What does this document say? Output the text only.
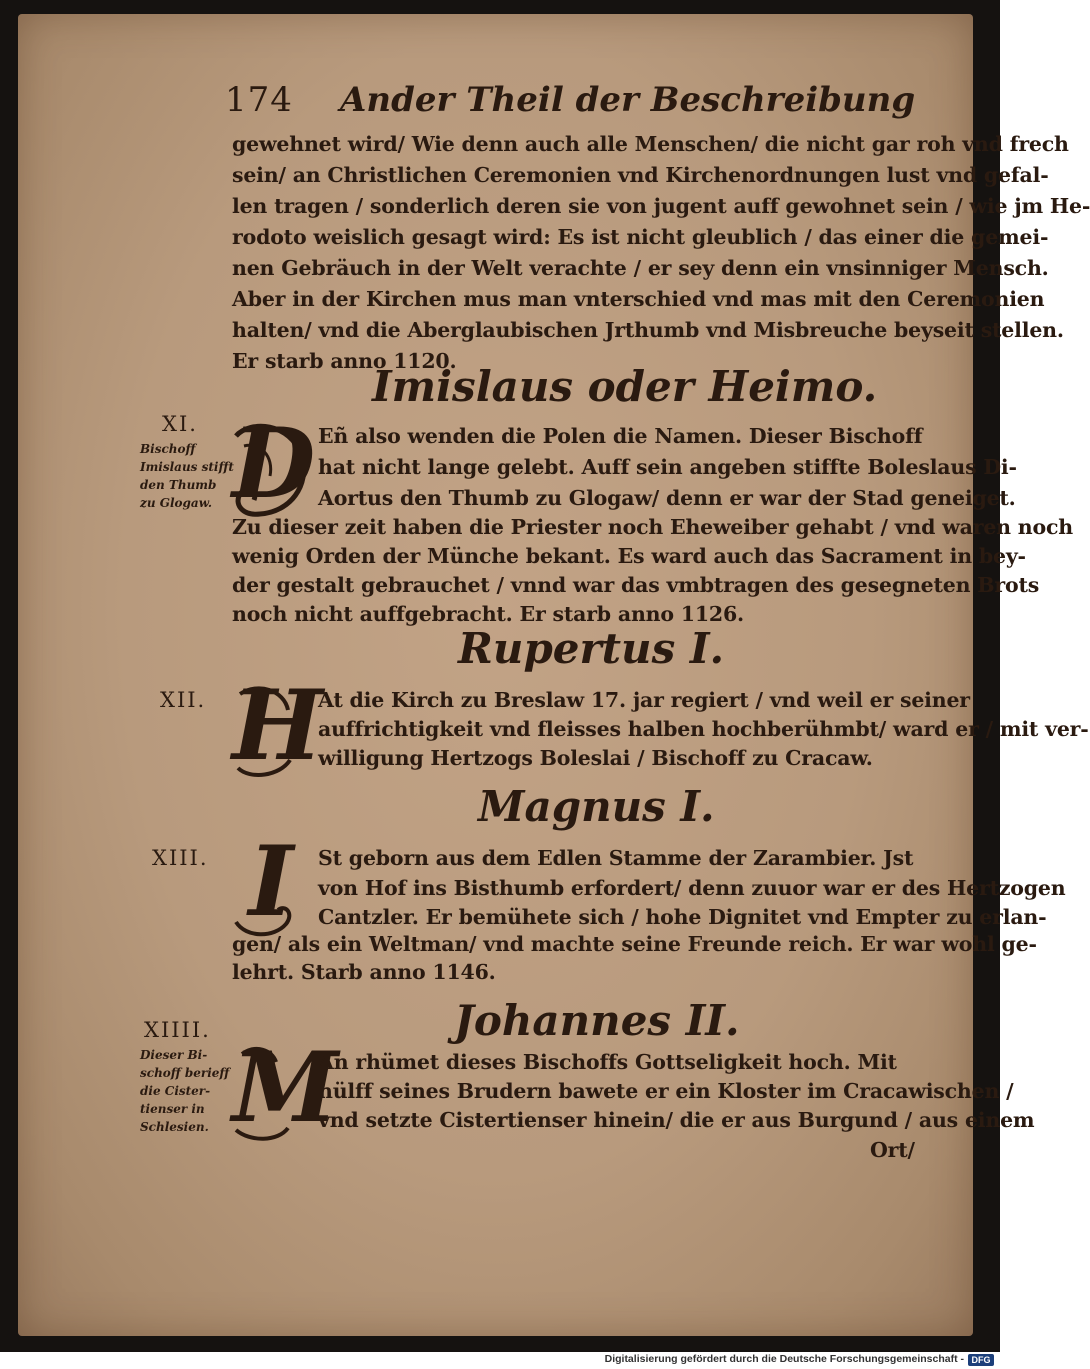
174 Ander Theil der Beschreibung
gewehnet wird/ Wie denn auch alle Menschen/ die nicht gar roh vnd frech
sein/ an Christlichen Ceremonien vnd Kirchenordnungen lust vnd gefal-
len tragen / sonderlich deren sie von jugent auff gewohnet sein / wie jm He-
rodoto weislich gesagt wird: Es ist nicht gleublich / das einer die gemei-
nen Gebräuch in der Welt verachte / er sey denn ein vnsinniger Mensch.
Aber in der Kirchen mus man vnterschied vnd mas mit den Ceremonien
halten/ vnd die Aberglaubischen Jrthumb vnd Misbreuche beyseit stellen.
Er starb anno 1120.
Imislaus oder Heimo.
XI.
Bischoff
Imislaus stifft
den Thumb
zu Glogaw. D Eñ also wenden die Polen die Namen. Dieser Bischoff
hat nicht lange gelebt. Auff sein angeben stiffte Boleslaus Di-
Aortus den Thumb zu Glogaw/ denn er war der Stad geneiget.
Zu dieser zeit haben die Priester noch Eheweiber gehabt / vnd waren noch
wenig Orden der Münche bekant. Es ward auch das Sacrament in bey-
der gestalt gebrauchet / vnnd war das vmbtragen des gesegneten Brots
noch nicht auffgebracht. Er starb anno 1126.
Rupertus I.
XII. H
At die Kirch zu Breslaw 17. jar regiert / vnd weil er seiner
auffrichtigkeit vnd fleisses halben hochberühmbt/ ward er / mit ver-
willigung Hertzogs Boleslai / Bischoff zu Cracaw.
Magnus I.
XIII. I	St geborn aus dem Edlen Stamme der Zarambier. Jst
von Hof ins Bisthumb erfordert/ denn zuuor war er des Hertzogen
Cantzler. Er bemühete sich / hohe Dignitet vnd Empter zu erlan-
gen/ als ein Weltman/ vnd machte seine Freunde reich. Er war wohl ge-
lehrt. Starb anno 1146.
Johannes II.
XIIII.
Dieser Bi-
schoff berieff
die Cister-
tienser in
Schlesien. M
An rhümet dieses Bischoffs Gottseligkeit hoch. Mit
hülff seines Brudern bawete er ein Kloster im Cracawischen /
vnd setzte Cistertienser hinein/ die er aus Burgund / aus einem
Ort/
Digitalisierung gefördert durch die Deutsche Forschungsgemeinschaft - DFG
